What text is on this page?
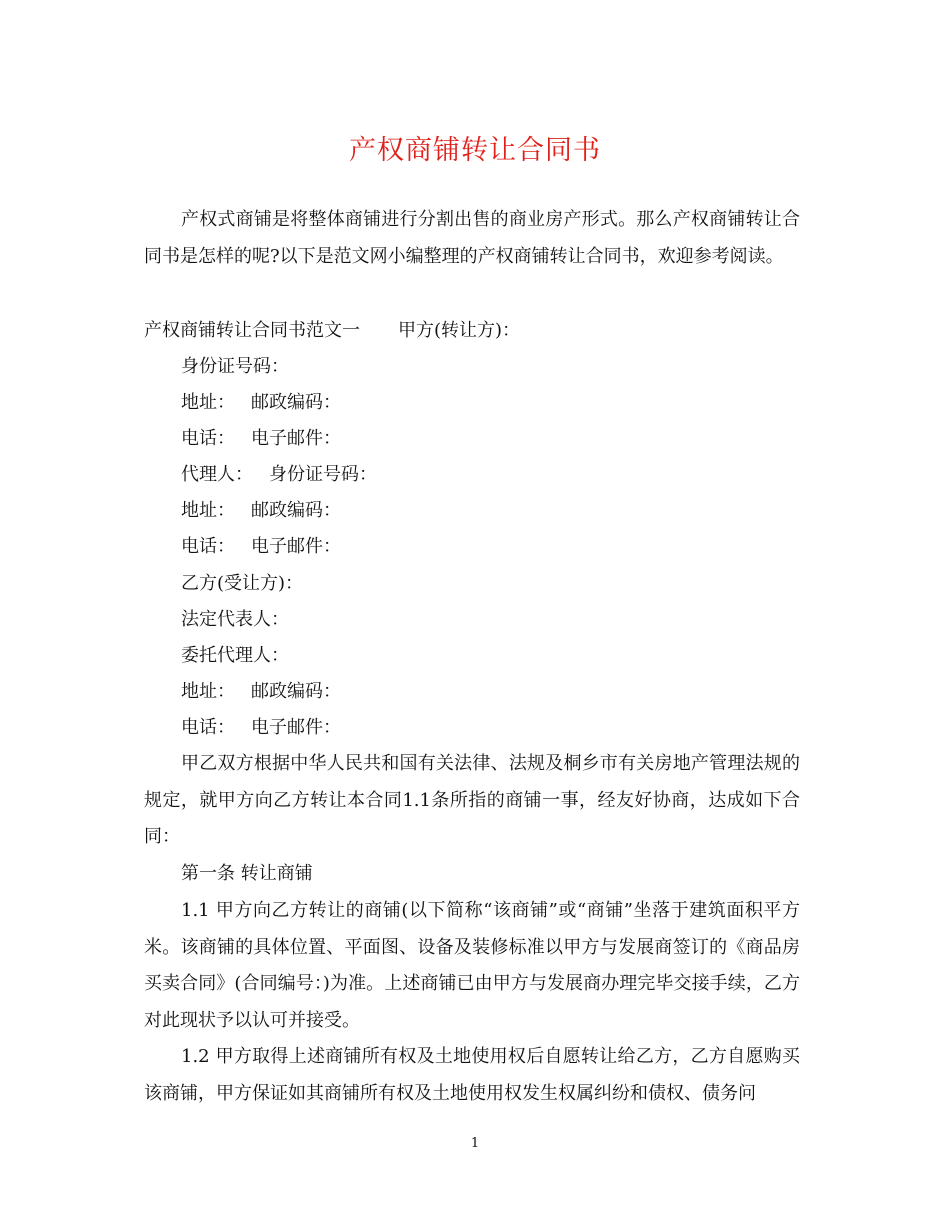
产权商铺转让合同书

产权式商铺是将整体商铺进行分割出售的商业房产形式。那么产权商铺转让合同书是怎样的呢?以下是范文网小编整理的产权商铺转让合同书，欢迎参考阅读。

产权商铺转让合同书范文一 甲方(转让方)：
身份证号码：
地址： 邮政编码：
电话： 电子邮件：
代理人： 身份证号码：
地址： 邮政编码：
电话： 电子邮件：
乙方(受让方)：
法定代表人：
委托代理人：
地址： 邮政编码：
电话： 电子邮件：

甲乙双方根据中华人民共和国有关法律、法规及桐乡市有关房地产管理法规的规定，就甲方向乙方转让本合同1.1条所指的商铺一事，经友好协商，达成如下合同：

第一条 转让商铺

1.1 甲方向乙方转让的商铺(以下简称“该商铺”或“商铺”坐落于建筑面积平方米。该商铺的具体位置、平面图、设备及装修标准以甲方与发展商签订的《商品房买卖合同》(合同编号：)为准。上述商铺已由甲方与发展商办理完毕交接手续，乙方对此现状予以认可并接受。

1.2 甲方取得上述商铺所有权及土地使用权后自愿转让给乙方，乙方自愿购买该商铺，甲方保证如其商铺所有权及土地使用权发生权属纠纷和债权、债务问

1
